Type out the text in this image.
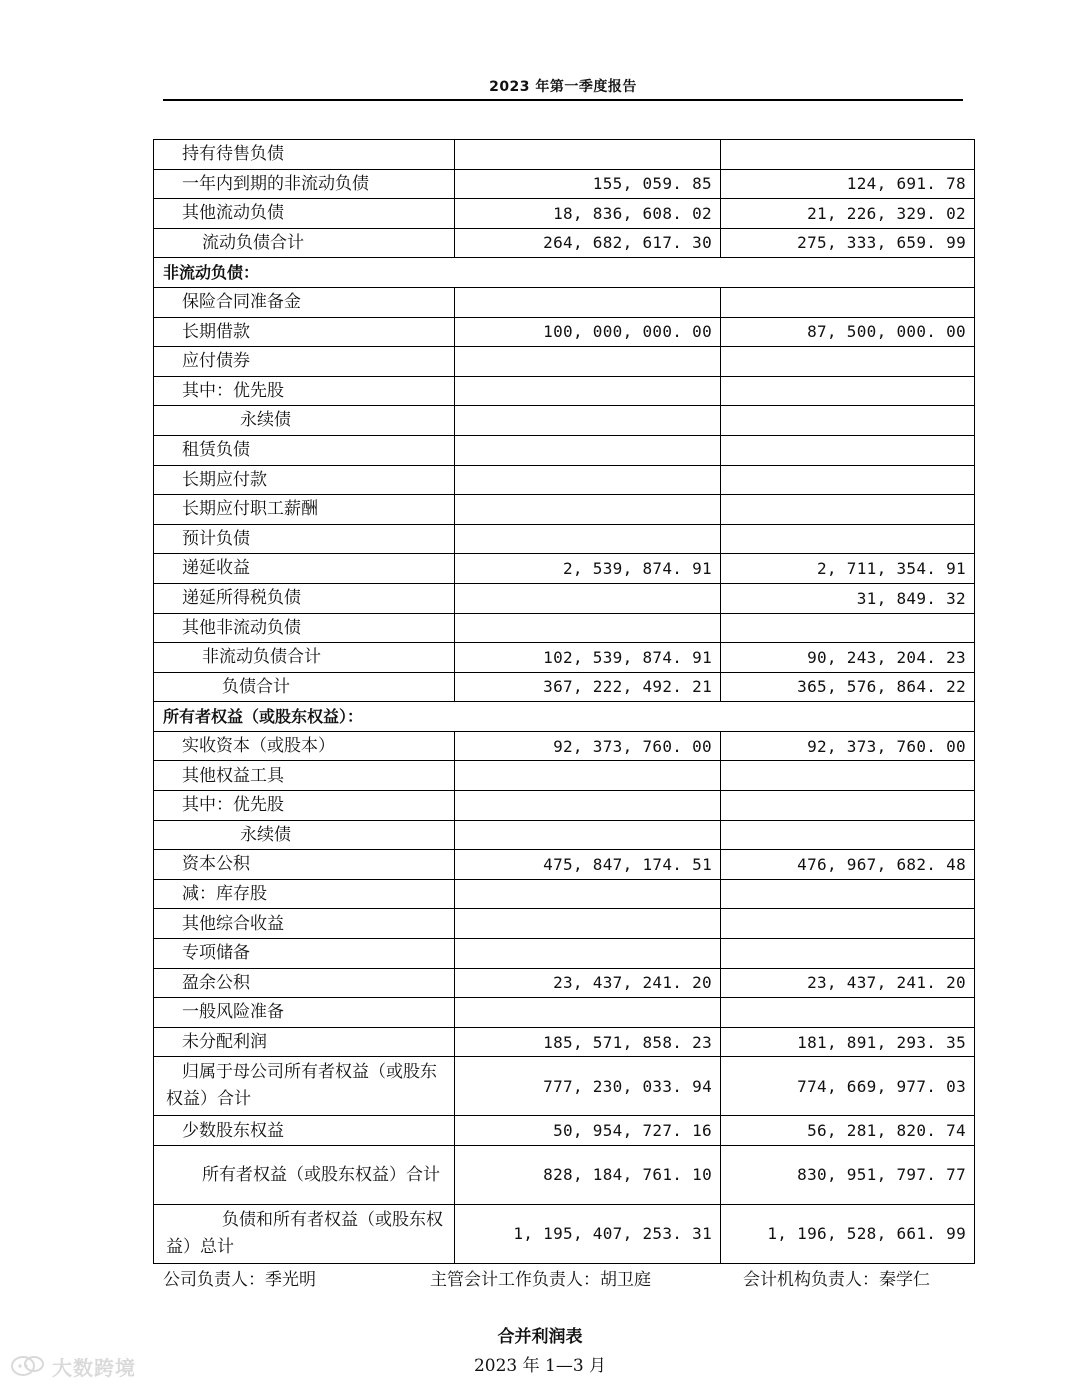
2023 年第一季度报告
持有待售负债		
一年内到期的非流动负债	155, 059. 85	124, 691. 78
其他流动负债	18, 836, 608. 02	21, 226, 329. 02
流动负债合计	264, 682, 617. 30	275, 333, 659. 99
非流动负债：		
保险合同准备金		
长期借款	100, 000, 000. 00	87, 500, 000. 00
应付债券		
其中：优先股		
永续债		
租赁负债		
长期应付款		
长期应付职工薪酬		
预计负债		
递延收益	2, 539, 874. 91	2, 711, 354. 91
递延所得税负债		31, 849. 32
其他非流动负债		
非流动负债合计	102, 539, 874. 91	90, 243, 204. 23
负债合计	367, 222, 492. 21	365, 576, 864. 22
所有者权益（或股东权益）：		
实收资本（或股本）	92, 373, 760. 00	92, 373, 760. 00
其他权益工具		
其中：优先股		
永续债		
资本公积	475, 847, 174. 51	476, 967, 682. 48
减：库存股		
其他综合收益		
专项储备		
盈余公积	23, 437, 241. 20	23, 437, 241. 20
一般风险准备		
未分配利润	185, 571, 858. 23	181, 891, 293. 35
归属于母公司所有者权益（或股东权益）合计	777, 230, 033. 94	774, 669, 977. 03
少数股东权益	50, 954, 727. 16	56, 281, 820. 74
所有者权益（或股东权益）合计	828, 184, 761. 10	830, 951, 797. 77
负债和所有者权益（或股东权益）总计	1, 195, 407, 253. 31	1, 196, 528, 661. 99
公司负责人：季光明	主管会计工作负责人：胡卫庭	会计机构负责人：秦学仁
合并利润表
2023 年 1—3 月
大数跨境
